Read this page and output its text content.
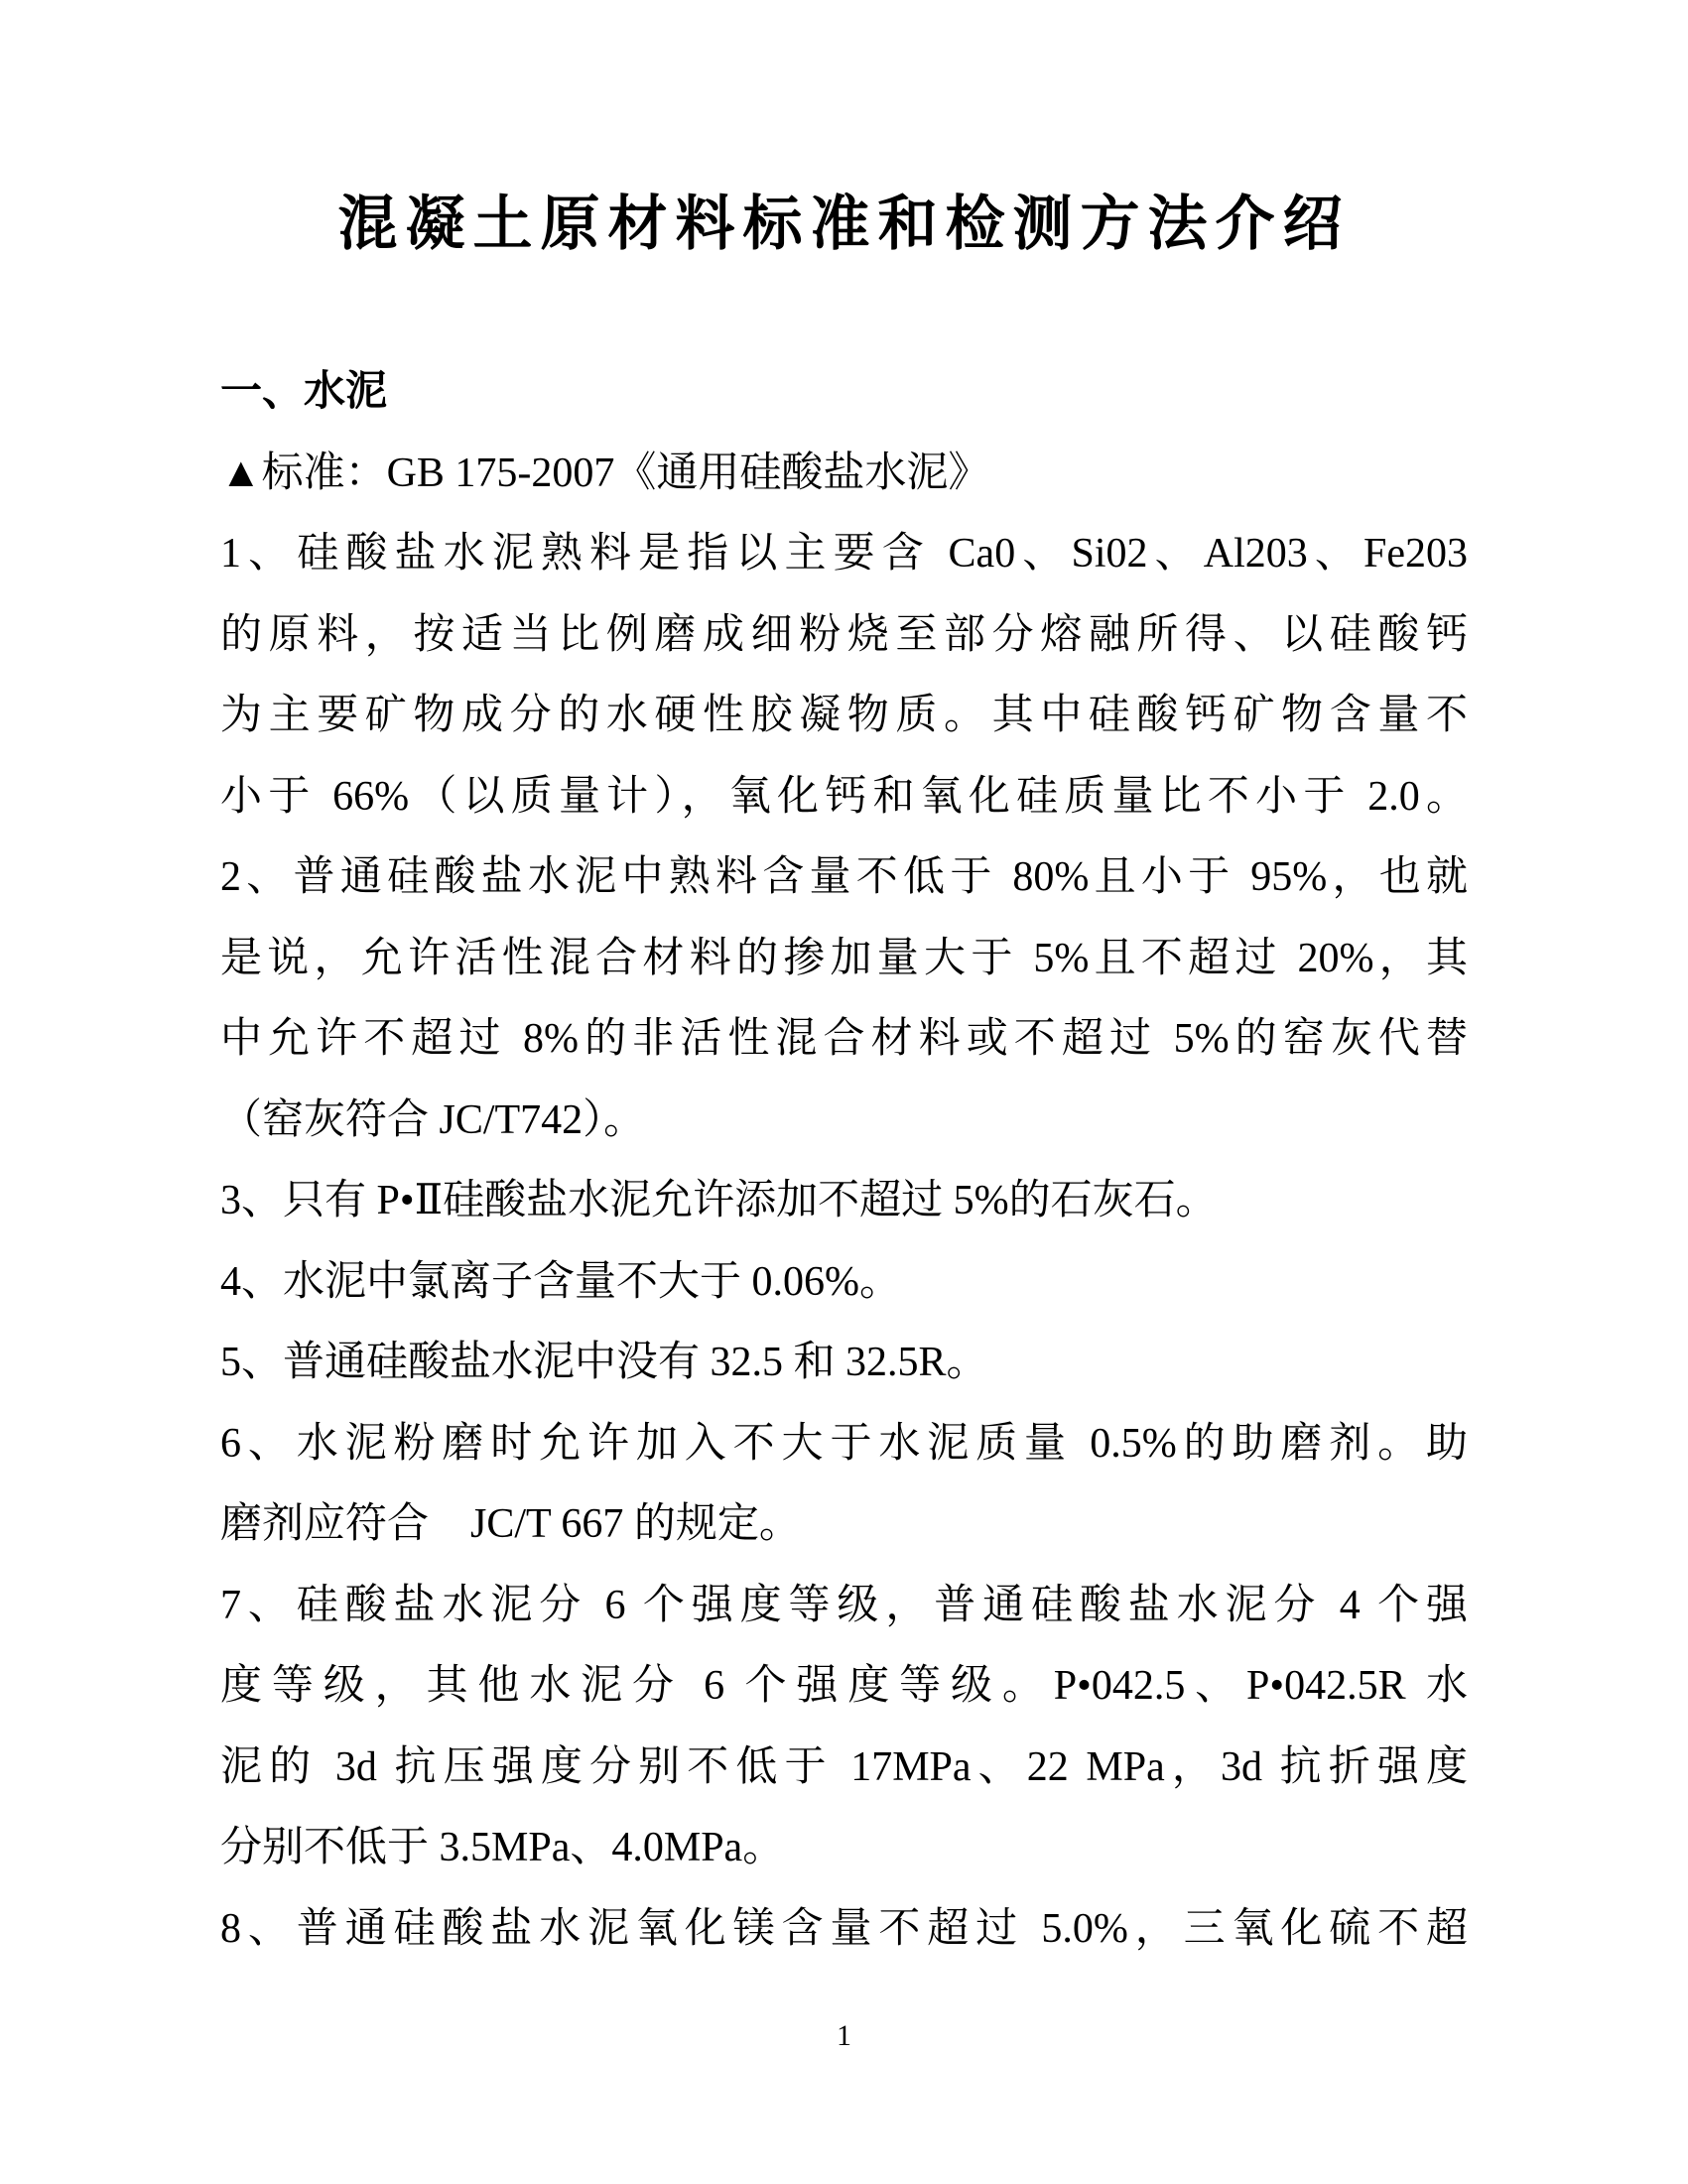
混凝土原材料标准和检测方法介绍
一、水泥
▲标准：GB 175-2007《通用硅酸盐水泥》
1、硅酸盐水泥熟料是指以主要含 Ca0、Si02、Al203、Fe203
的原料，按适当比例磨成细粉烧至部分熔融所得、以硅酸钙
为主要矿物成分的水硬性胶凝物质。其中硅酸钙矿物含量不
小于 66%（以质量计），氧化钙和氧化硅质量比不小于 2.0。
2、普通硅酸盐水泥中熟料含量不低于 80%且小于 95%，也就
是说，允许活性混合材料的掺加量大于 5%且不超过 20%，其
中允许不超过 8%的非活性混合材料或不超过 5%的窑灰代替
（窑灰符合 JC/T742）。
3、只有 P•Ⅱ硅酸盐水泥允许添加不超过 5%的石灰石。
4、水泥中氯离子含量不大于 0.06%。
5、普通硅酸盐水泥中没有 32.5 和 32.5R。
6、水泥粉磨时允许加入不大于水泥质量 0.5%的助磨剂。助
磨剂应符合　JC/T 667 的规定。
7、硅酸盐水泥分 6 个强度等级，普通硅酸盐水泥分 4 个强
度等级，其他水泥分 6 个强度等级。P•042.5、P•042.5R 水
泥的 3d 抗压强度分别不低于 17MPa、22 MPa，3d 抗折强度
分别不低于 3.5MPa、4.0MPa。
8、普通硅酸盐水泥氧化镁含量不超过 5.0%，三氧化硫不超
1
